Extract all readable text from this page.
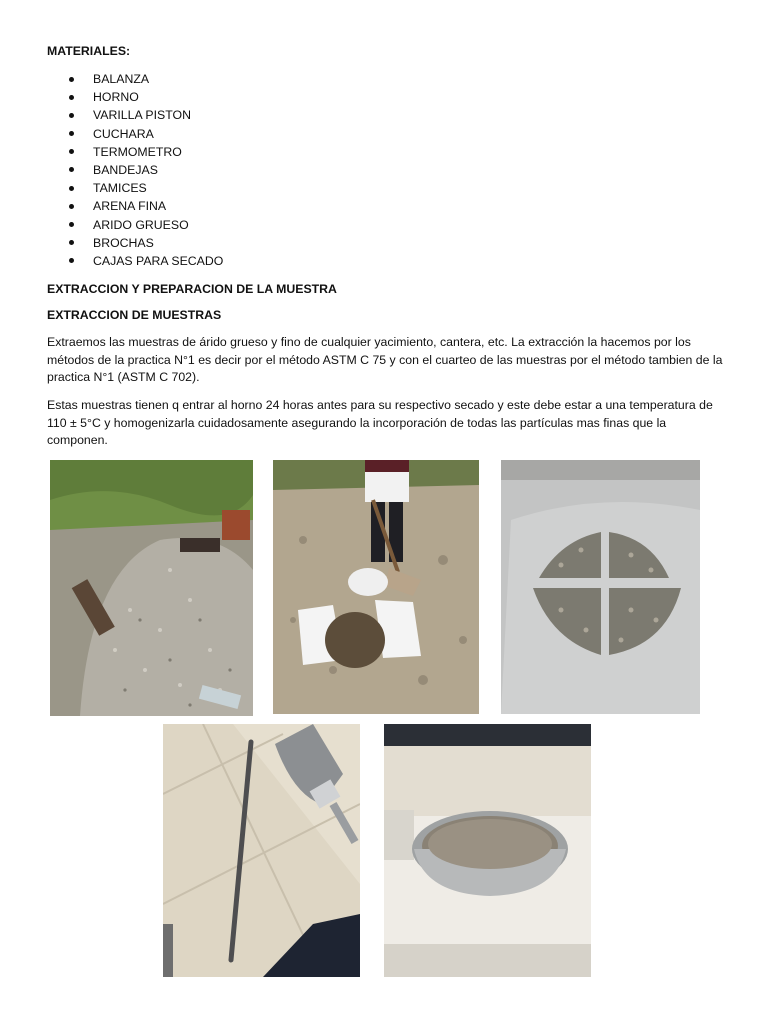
MATERIALES:
BALANZA
HORNO
VARILLA PISTON
CUCHARA
TERMOMETRO
BANDEJAS
TAMICES
ARENA FINA
ARIDO GRUESO
BROCHAS
CAJAS PARA SECADO
EXTRACCION Y PREPARACION DE LA MUESTRA
EXTRACCION DE MUESTRAS

Extraemos las muestras de árido grueso y fino de cualquier yacimiento, cantera, etc. La extracción la hacemos por los métodos de la practica N°1 es decir por el método ASTM C 75 y con el cuarteo de las muestras por el método tambien de la practica N°1 (ASTM C 702).

Estas muestras tienen q entrar al horno 24 horas antes para su respectivo secado y este debe estar a una temperatura de 110 ± 5°C y homogenizarla cuidadosamente asegurando la incorporación de todas las partículas mas finas que la componen.
